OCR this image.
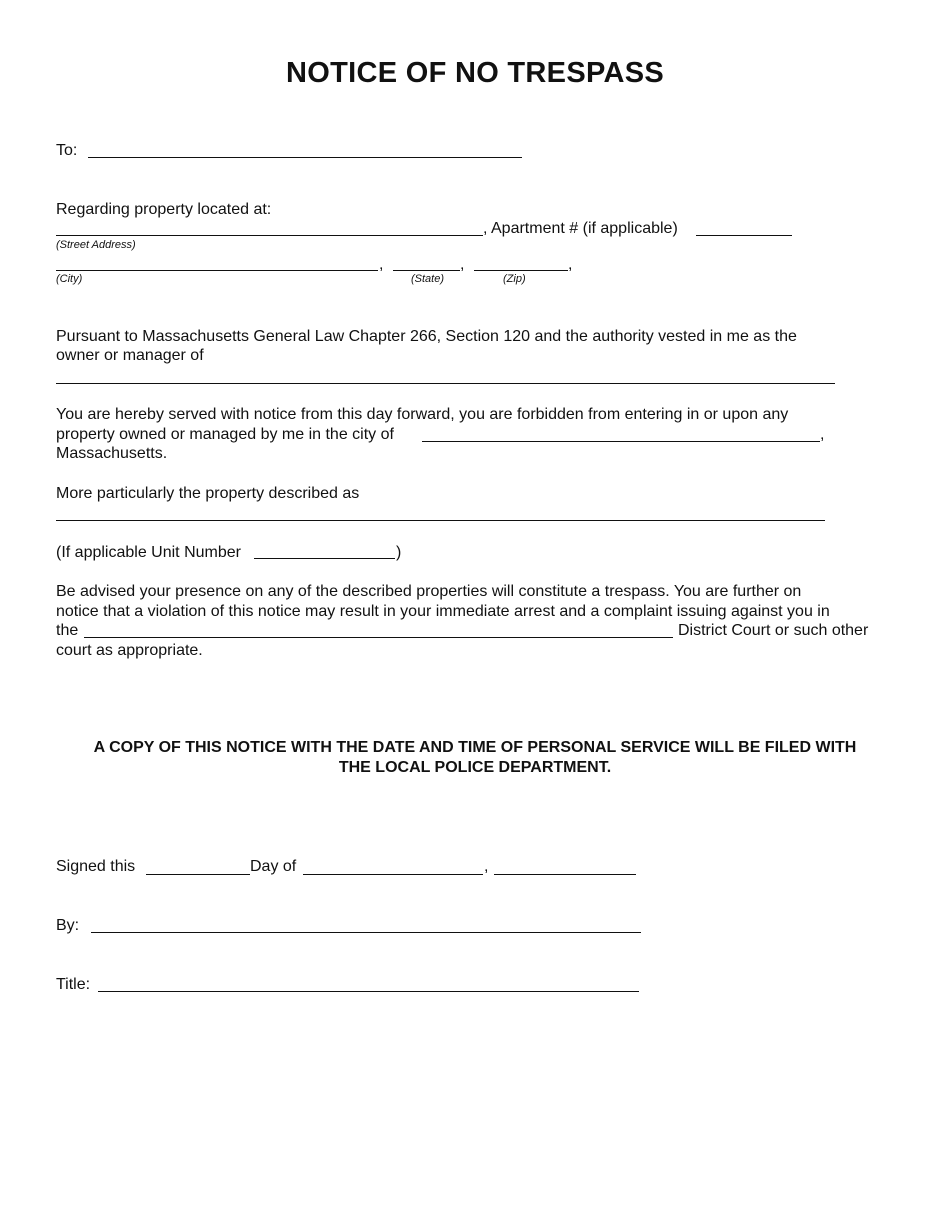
NOTICE OF NO TRESPASS
To:
Regarding property located at:
, Apartment # (if applicable)
(Street Address)
,	,	,
(City)	(State)	(Zip)
Pursuant to Massachusetts General Law Chapter 266, Section 120 and the authority vested in me as the
owner or manager of
You are hereby served with notice from this day forward, you are forbidden from entering in or upon any
property owned or managed by me in the city of	,
Massachusetts.
More particularly the property described as
(If applicable Unit Number	)
Be advised your presence on any of the described properties will constitute a trespass. You are further on
notice that a violation of this notice may result in your immediate arrest and a complaint issuing against you in
the	District Court or such other
court as appropriate.
A COPY OF THIS NOTICE WITH THE DATE AND TIME OF PERSONAL SERVICE WILL BE FILED WITH
THE LOCAL POLICE DEPARTMENT.
Signed this	Day of	,
By:
Title:
